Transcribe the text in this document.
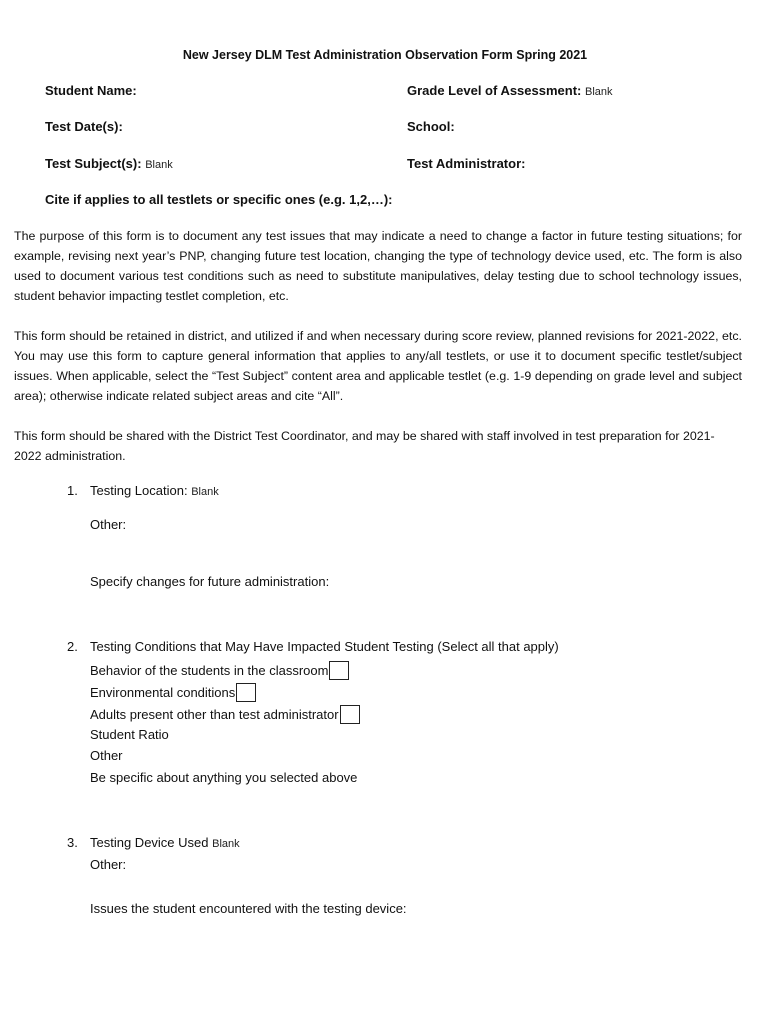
New Jersey DLM Test Administration Observation Form Spring 2021
Student Name:	Grade Level of Assessment: Blank
Test Date(s):	School:
Test Subject(s): Blank	Test Administrator:
Cite if applies to all testlets or specific ones (e.g. 1,2,…):
The purpose of this form is to document any test issues that may indicate a need to change a factor in future testing situations; for example, revising next year’s PNP, changing future test location, changing the type of technology device used, etc. The form is also used to document various test conditions such as need to substitute manipulatives, delay testing due to school technology issues, student behavior impacting testlet completion, etc.
This form should be retained in district, and utilized if and when necessary during score review, planned revisions for 2021-2022, etc. You may use this form to capture general information that applies to any/all testlets, or use it to document specific testlet/subject issues. When applicable, select the “Test Subject” content area and applicable testlet (e.g. 1-9 depending on grade level and subject area); otherwise indicate related subject areas and cite “All”.
This form should be shared with the District Test Coordinator, and may be shared with staff involved in test preparation for 2021-2022 administration.
1. Testing Location: Blank
Other:
Specify changes for future administration:
2. Testing Conditions that May Have Impacted Student Testing (Select all that apply)
Behavior of the students in the classroom
Environmental conditions
Adults present other than test administrator
Student Ratio
Other
Be specific about anything you selected above
3. Testing Device Used Blank
Other:
Issues the student encountered with the testing device:
